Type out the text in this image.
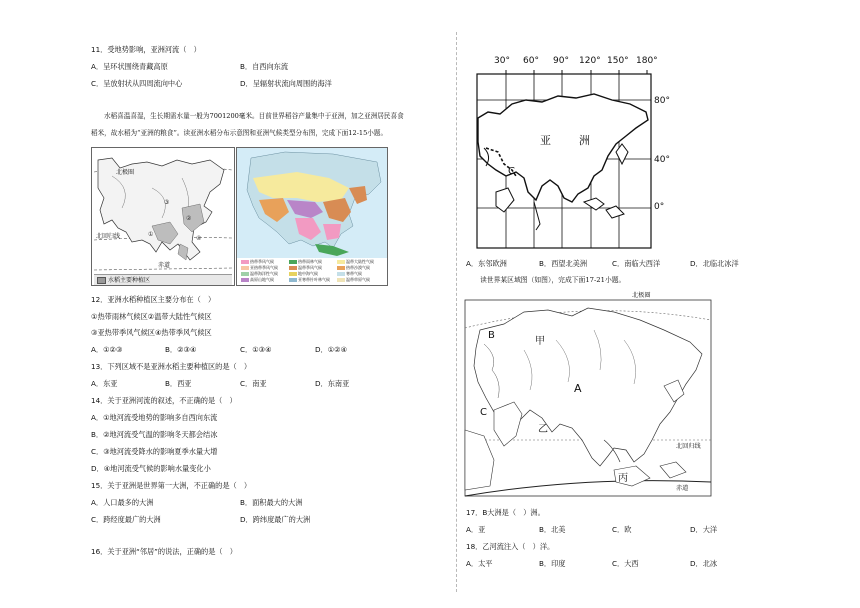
11．受地势影响，亚洲河流（　）
A．呈环状围绕青藏高原	B．自西向东流
C．呈放射状从四周流向中心	D．呈辐射状流向周围的海洋
水稻喜温喜湿，生长期需水量一般为7001200毫米。目前世界稻谷产量集中于亚洲，加之亚洲居民喜食
稻米，故水稻为“亚洲的粮食”。读亚洲水稻分布示意图和亚洲气候类型分布图，完成下面12-15小题。
①
②
③
④
北极圈
北回归线
赤道
水稻主要种植区
热带季风气候	热带雨林气候	温带大陆性气候
亚热带季风气候	温带季风气候	热带沙漠气候
温带海洋性气候	地中海气候	寒带气候
高原山地气候	亚寒带针叶林气候	温带草原气候
12．亚洲水稻种植区主要分布在（　）
①热带雨林气候区②温带大陆性气候区
③亚热带季风气候区④热带季风气候区
A．①②③	B．②③④	C．①③④	D．①②④
13．下列区域不是亚洲水稻主要种植区的是（　）
A．东亚	B．西亚	C．南亚	D．东南亚
14．关于亚洲河流的叙述，不正确的是（　）
A．①地河流受地势的影响多自西向东流
B．②地河流受气温的影响冬天都会结冰
C．③地河流受降水的影响夏季水量大增
D．④地河流受气候的影响水量变化小
15．关于亚洲是世界第一大洲，不正确的是（　）
A．人口最多的大洲	B．面积最大的大洲
C．跨经度最广的大洲	D．跨纬度最广的大洲
16．关于亚洲“邻居”的说法，正确的是（　）
30° 60° 90° 120° 150° 180°
80°
40°
0°
亚	洲
C
A．东邻欧洲	B．西望北美洲	C．南临大西洋	D．北临北冰洋
读世界某区域图（如图），完成下面17-21小题。
北极圈
北回归线
赤道
B
甲
A
C
乙
丙
17．B大洲是（　）洲。
A．亚	B．北美	C．欧	D．大洋
18．乙河流注入（　）洋。
A．太平	B．印度	C．大西	D．北冰
